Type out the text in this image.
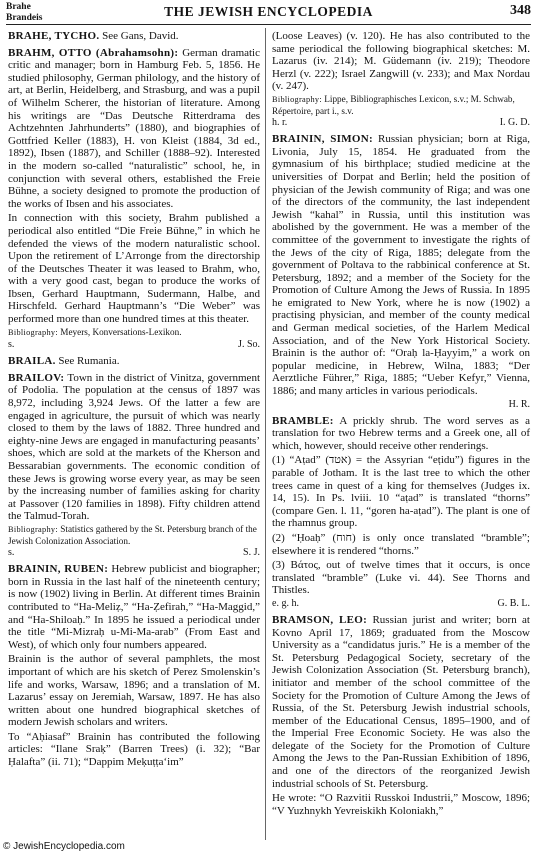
Brahe
Brandeis	THE JEWISH ENCYCLOPEDIA	348

BRAHE, TYCHO. See Gans, David.

BRAHM, OTTO (Abrahamsohn): German dramatic critic and manager; born in Hamburg Feb. 5, 1856. He studied philosophy, German philology, and the history of art, at Berlin, Heidelberg, and Strasburg, and was a pupil of Wilhelm Scherer, the historian of literature. Among his writings are “Das Deutsche Ritterdrama des Achtzehnten Jahrhunderts” (1880), and biographies of Gottfried Keller (1883), H. von Kleist (1884, 3d ed., 1892), Ibsen (1887), and Schiller (1888–92). Interested in the modern so-called “naturalistic” school, he, in conjunction with several others, established the Freie Bühne, a society designed to promote the production of the works of Ibsen and his associates.

In connection with this society, Brahm published a periodical also entitled “Die Freie Bühne,” in which he defended the views of the modern naturalistic school. Upon the retirement of L’Arronge from the directorship of the Deutsches Theater it was leased to Brahm, who, with a very good cast, began to produce the works of Ibsen, Gerhard Hauptmann, Sudermann, Halbe, and Hirschfeld. Gerhard Hauptmann’s “Die Weber” was performed more than one hundred times at this theater.

Bibliography: Meyers, Konversations-Lexikon.
s.	J. So.

BRAILA. See Rumania.

BRAILOV: Town in the district of Vinitza, government of Podolia. The population at the census of 1897 was 8,972, including 3,924 Jews. Of the latter a few are engaged in agriculture, the pursuit of which was nearly closed to them by the laws of 1882. Three hundred and eighty-nine Jews are engaged in manufacturing peasants’ shoes, which are sold at the markets of the Kherson and Bessarabian governments. The economic condition of these Jews is growing worse every year, as may be seen by the increasing number of families asking for charity at Passover (120 families in 1898). Fifty children attend the Talmud-Torah.

Bibliography: Statistics gathered by the St. Petersburg branch of the Jewish Colonization Association.
s.	S. J.

BRAININ, RUBEN: Hebrew publicist and biographer; born in Russia in the last half of the nineteenth century; is now (1902) living in Berlin. At different times Brainin contributed to “Ha-Meliẓ,” “Ha-Ẓefirah,” “Ha-Maggid,” and “Ha-Shiloaḥ.” In 1895 he issued a periodical under the title “Mi-Mizraḥ u-Mi-Ma-arab” (From East and West), of which only four numbers appeared.

Brainin is the author of several pamphlets, the most important of which are his sketch of Perez Smolenskin’s life and works, Warsaw, 1896; and a translation of M. Lazarus’ essay on Jeremiah, Warsaw, 1897. He has also written about one hundred biographical sketches of modern Jewish scholars and writers.

To “Aḥiasaf” Brainin has contributed the following articles: “Ilane Sraḳ” (Barren Trees) (i. 32); “Bar Ḥalafta” (ii. 71); “Dappim Meḳuṭṭa‘im”

(Loose Leaves) (v. 120). He has also contributed to the same periodical the following biographical sketches: M. Lazarus (iv. 214); M. Güdemann (iv. 219); Theodore Herzl (v. 222); Israel Zangwill (v. 233); and Max Nordau (v. 247).

Bibliography: Lippe, Bibliographisches Lexicon, s.v.; M. Schwab, Répertoire, part i., s.v.
h. r.	I. G. D.

BRAININ, SIMON: Russian physician; born at Riga, Livonia, July 15, 1854. He graduated from the gymnasium of his birthplace; studied medicine at the universities of Dorpat and Berlin; held the position of physician of the Jewish community of Riga; and was one of the directors of the community, the last independent Jewish “kahal” in Russia, until this institution was abolished by the government. He was a member of the committee of the government to investigate the rights of the Jews of the city of Riga, 1885; delegate from the government of Poltava to the rabbinical conference at St. Petersburg, 1892; and a member of the Society for the Promotion of Culture Among the Jews of Russia. In 1895 he emigrated to New York, where he is now (1902) a practising physician, and member of the county medical and German medical societies, of the Harlem Medical Association, and of the New York Historical Society. Brainin is the author of: “Oraḥ la-Ḥayyim,” a work on popular medicine, in Hebrew, Wilna, 1883; “Der Aerztliche Führer,” Riga, 1885; “Ueber Kefyr,” Vienna, 1886; and many articles in various periodicals.

H. R.

BRAMBLE: A prickly shrub. The word serves as a translation for two Hebrew terms and a Greek one, all of which, however, should receive other renderings.

(1) “Aṭad” (אטד) = the Assyrian “eṭidu”) figures in the parable of Jotham. It is the last tree to which the other trees came in quest of a king for themselves (Judges ix. 14, 15). In Ps. lviii. 10 “aṭad” is translated “thorns” (compare Gen. l. 11, “goren ha-aṭad”). The plant is one of the rhamnus group.

(2) “Ḥoaḥ” (חוח) is only once translated “bramble”; elsewhere it is rendered “thorns.”

(3) Βάτος, out of twelve times that it occurs, is once translated “bramble” (Luke vi. 44). See Thorns and Thistles.

e. g. h.	G. B. L.

BRAMSON, LEO: Russian jurist and writer; born at Kovno April 17, 1869; graduated from the Moscow University as a “candidatus juris.” He is a member of the St. Petersburg Pedagogical Society, secretary of the Jewish Colonization Association (St. Petersburg branch), initiator and member of the school committee of the Society for the Promotion of Culture Among the Jews of Russia, of the St. Petersburg Jewish industrial schools, member of the Educational Census, 1895–1900, and of the Imperial Free Economic Society. He was also the delegate of the Society for the Promotion of Culture Among the Jews to the Pan-Russian Exhibition of 1896, and one of the directors of the reorganized Jewish industrial schools of St. Petersburg.

He wrote: “O Razvitii Russkoi Industrii,” Moscow, 1896; “V Yuzhnykh Yevreiskikh Koloniakh,”

© JewishEncyclopedia.com
